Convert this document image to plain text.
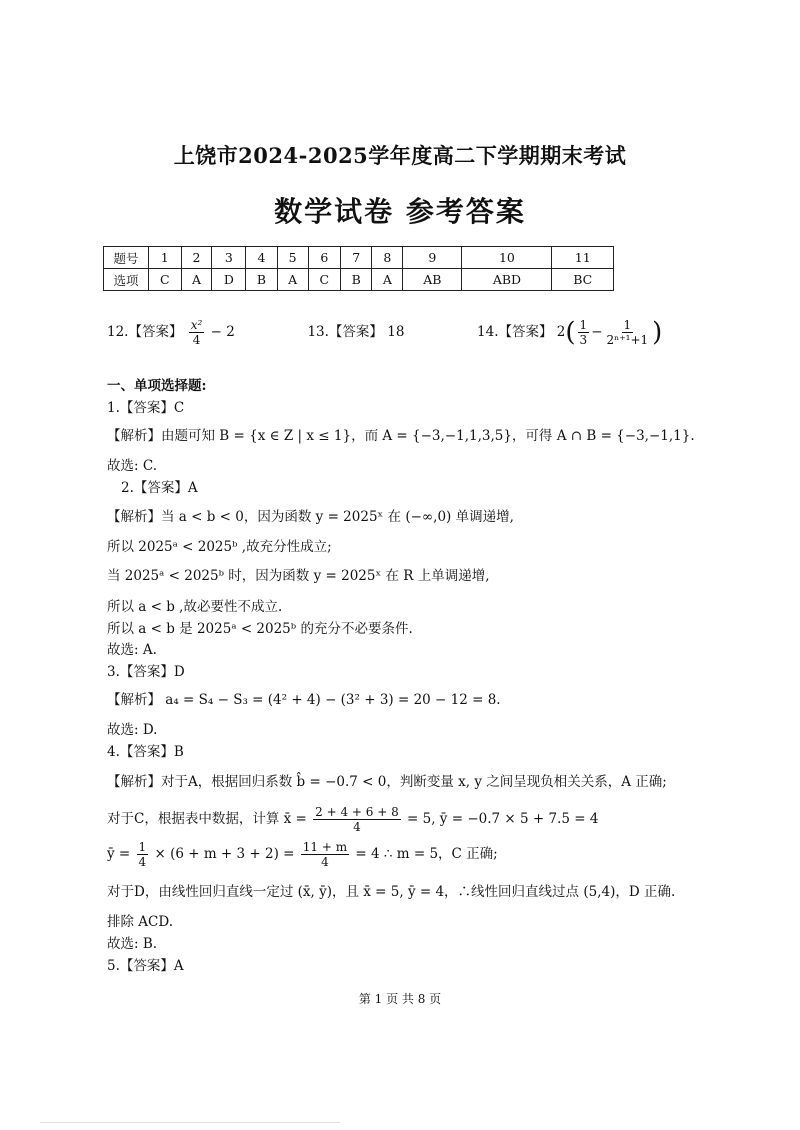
上饶市2024-2025学年度高二下学期期末考试
数学试卷 参考答案
题号	1	2	3	4	5	6	7	8	9	10	11
选项	C	A	D	B	A	C	B	A	AB	ABD	BC
12.【答案】 $\frac{\text{x²}}{4} - 2$	13.【答案】 18	14.【答案】 $2( \frac{1}{3} - \frac{1}{\text{2ⁿ⁺¹+1}}$ )
一、单项选择题:
1.【答案】C
【解析】由题可知 B = {x ∈ Z | x ≤ 1}，而 A = {−3,−1,1,3,5}，可得 A ∩ B = {−3,−1,1}.
故选: C.
2.【答案】A
【解析】当 a < b < 0，因为函数 y = 2025ˣ 在 (−∞,0) 单调递增,
所以 2025ᵃ < 2025ᵇ ,故充分性成立;
当 2025ᵃ < 2025ᵇ 时，因为函数 y = 2025ˣ 在 R 上单调递增,
所以 a < b ,故必要性不成立.
所以 a < b 是 2025ᵃ < 2025ᵇ 的充分不必要条件.
故选: A.
3.【答案】D
【解析】 a₄ = S₄ − S₃ = (4² + 4) − (3² + 3) = 20 − 12 = 8.
故选: D.
4.【答案】B
【解析】对于A，根据回归系数 b̂ = −0.7 < 0，判断变量 x, y 之间呈现负相关关系，A 正确;
对于C，根据表中数据，计算 x̄ = $\frac{2 + 4 + 6 + 8}{4} = 5$, ȳ = −0.7 × 5 + 7.5 = 4
ȳ = $\frac{1}{4} \times (6 + m + 3 + 2) = \frac{11 + m}{4} = 4$ ∴ m = 5，C 正确;
对于D，由线性回归直线一定过 (x̄, ȳ)，且 x̄ = 5, ȳ = 4，∴线性回归直线过点 (5,4)，D 正确.
排除 ACD.
故选: B.
5.【答案】A
第 1 页 共 8 页
